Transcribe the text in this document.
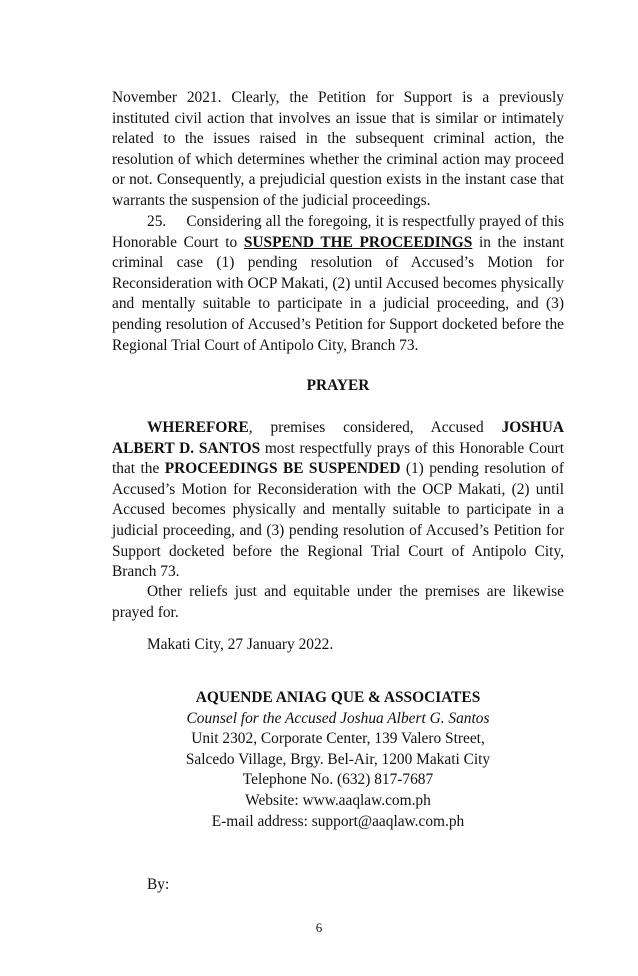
November 2021. Clearly, the Petition for Support is a previously instituted civil action that involves an issue that is similar or intimately related to the issues raised in the subsequent criminal action, the resolution of which determines whether the criminal action may proceed or not. Consequently, a prejudicial question exists in the instant case that warrants the suspension of the judicial proceedings.

25. Considering all the foregoing, it is respectfully prayed of this Honorable Court to SUSPEND THE PROCEEDINGS in the instant criminal case (1) pending resolution of Accused’s Motion for Reconsideration with OCP Makati, (2) until Accused becomes physically and mentally suitable to participate in a judicial proceeding, and (3) pending resolution of Accused’s Petition for Support docketed before the Regional Trial Court of Antipolo City, Branch 73.

PRAYER

WHEREFORE, premises considered, Accused JOSHUA ALBERT D. SANTOS most respectfully prays of this Honorable Court that the PROCEEDINGS BE SUSPENDED (1) pending resolution of Accused’s Motion for Reconsideration with the OCP Makati, (2) until Accused becomes physically and mentally suitable to participate in a judicial proceeding, and (3) pending resolution of Accused’s Petition for Support docketed before the Regional Trial Court of Antipolo City, Branch 73.

Other reliefs just and equitable under the premises are likewise prayed for.

Makati City, 27 January 2022.

AQUENDE ANIAG QUE & ASSOCIATES
Counsel for the Accused Joshua Albert G. Santos
Unit 2302, Corporate Center, 139 Valero Street,
Salcedo Village, Brgy. Bel-Air, 1200 Makati City
Telephone No. (632) 817-7687
Website: www.aaqlaw.com.ph
E-mail address: support@aaqlaw.com.ph

By:

6
